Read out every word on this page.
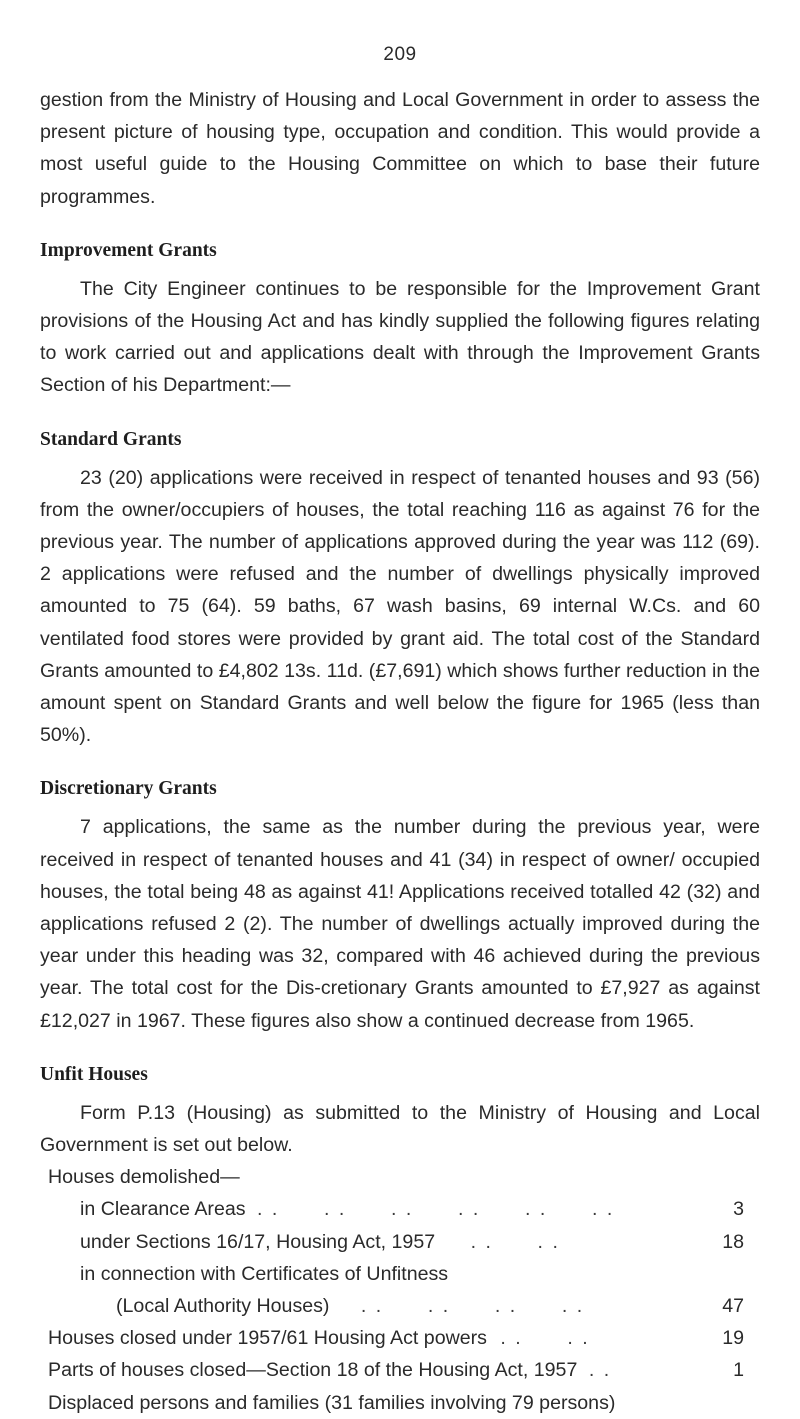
209

gestion from the Ministry of Housing and Local Government in order to assess the present picture of housing type, occupation and condition. This would provide a most useful guide to the Housing Committee on which to base their future programmes.

Improvement Grants

The City Engineer continues to be responsible for the Improvement Grant provisions of the Housing Act and has kindly supplied the following figures relating to work carried out and applications dealt with through the Improvement Grants Section of his Department:—

Standard Grants

23 (20) applications were received in respect of tenanted houses and 93 (56) from the owner/occupiers of houses, the total reaching 116 as against 76 for the previous year. The number of applications approved during the year was 112 (69). 2 applications were refused and the number of dwellings physically improved amounted to 75 (64). 59 baths, 67 wash basins, 69 internal W.Cs. and 60 ventilated food stores were provided by grant aid. The total cost of the Standard Grants amounted to £4,802 13s. 11d. (£7,691) which shows further reduction in the amount spent on Standard Grants and well below the figure for 1965 (less than 50%).

Discretionary Grants

7 applications, the same as the number during the previous year, were received in respect of tenanted houses and 41 (34) in respect of owner/ occupied houses, the total being 48 as against 41! Applications received totalled 42 (32) and applications refused 2 (2). The number of dwellings actually improved during the year under this heading was 32, compared with 46 achieved during the previous year. The total cost for the Dis-cretionary Grants amounted to £7,927 as against £12,027 in 1967. These figures also show a continued decrease from 1965.

Unfit Houses

Form P.13 (Housing) as submitted to the Ministry of Housing and Local Government is set out below.

Houses demolished—
in Clearance Areas . .      . .      . .      . .      . .      . .	3
under Sections 16/17, Housing Act, 1957 . .      . .	18
in connection with Certificates of Unfitness
(Local Authority Houses) . .      . .      . .      . .	47
Houses closed under 1957/61 Housing Act powers . .      . .	19
Parts of houses closed—Section 18 of the Housing Act, 1957 . .	1
Displaced persons and families (31 families involving 79 persons)
